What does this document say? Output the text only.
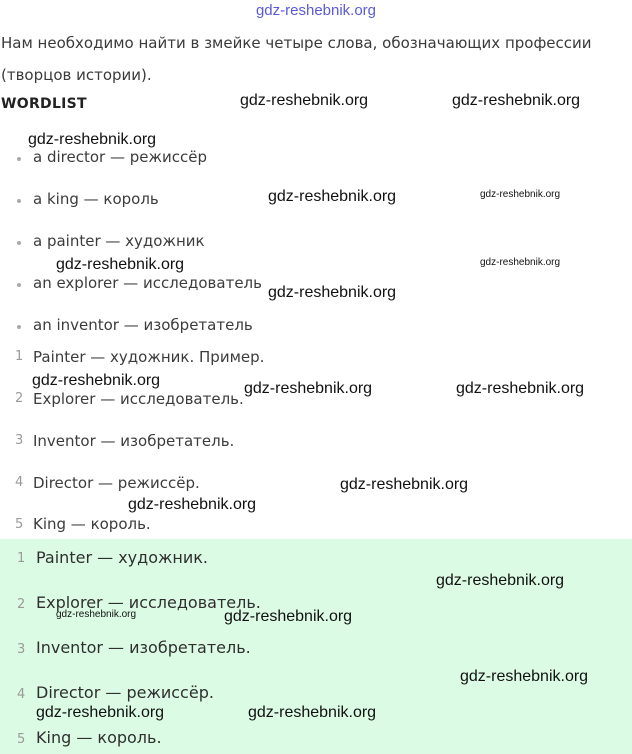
gdz-reshebnik.org
Нам необходимо найти в змейке четыре слова, обозначающих профессии
(творцов истории).
WORDLIST
a director — режиссёр
a king — король
a painter — художник
an explorer — исследователь
an inventor — изобретатель
1 Painter — художник. Пример.
2 Explorer — исследователь.
3 Inventor — изобретатель.
4 Director — режиссёр.
5 King — король.
1 Painter — художник.
2 Explorer — исследователь.
3 Inventor — изобретатель.
4 Director — режиссёр.
5 King — король.
gdz-reshebnik.org	gdz-reshebnik.org
gdz-reshebnik.org
gdz-reshebnik.org	gdz-reshebnik.org
gdz-reshebnik.org	gdz-reshebnik.org
gdz-reshebnik.org
gdz-reshebnik.org	gdz-reshebnik.org	gdz-reshebnik.org
gdz-reshebnik.org
gdz-reshebnik.org
gdz-reshebnik.org
gdz-reshebnik.org	gdz-reshebnik.org
gdz-reshebnik.org
gdz-reshebnik.org	gdz-reshebnik.org
